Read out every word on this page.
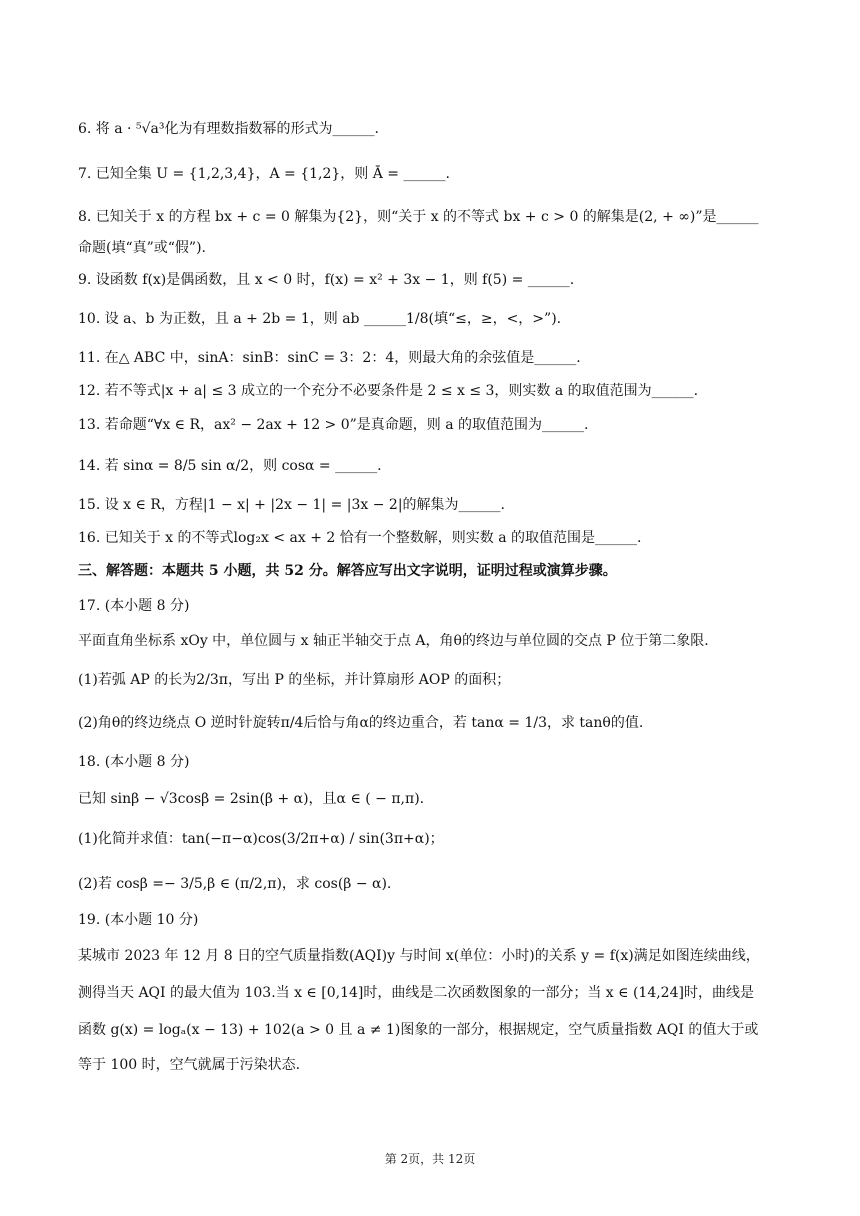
6. 将 a · ⁵√a³化为有理数指数幂的形式为______.
7. 已知全集 U = {1,2,3,4}，A = {1,2}，则 Ā = ______.
8. 已知关于 x 的方程 bx + c = 0 解集为{2}，则“关于 x 的不等式 bx + c > 0 的解集是(2, + ∞)”是______
命题(填“真”或“假”).
9. 设函数 f(x)是偶函数，且 x < 0 时，f(x) = x² + 3x − 1，则 f(5) = ______.
10. 设 a、b 为正数，且 a + 2b = 1，则 ab ______1/8(填“≤，≥，<，>”).
11. 在△ ABC 中，sinA：sinB：sinC = 3：2：4，则最大角的余弦值是______.
12. 若不等式|x + a| ≤ 3 成立的一个充分不必要条件是 2 ≤ x ≤ 3，则实数 a 的取值范围为______.
13. 若命题“∀x ∈ R，ax² − 2ax + 12 > 0”是真命题，则 a 的取值范围为______.
14. 若 sinα = 8/5 sin α/2，则 cosα = ______.
15. 设 x ∈ R，方程|1 − x| + |2x − 1| = |3x − 2|的解集为______.
16. 已知关于 x 的不等式log₂x < ax + 2 恰有一个整数解，则实数 a 的取值范围是______.
三、解答题：本题共 5 小题，共 52 分。解答应写出文字说明，证明过程或演算步骤。
17. (本小题 8 分)
平面直角坐标系 xOy 中，单位圆与 x 轴正半轴交于点 A，角θ的终边与单位圆的交点 P 位于第二象限.
(1)若弧 AP 的长为2/3π，写出 P 的坐标，并计算扇形 AOP 的面积；
(2)角θ的终边绕点 O 逆时针旋转π/4后恰与角α的终边重合，若 tanα = 1/3，求 tanθ的值.
18. (本小题 8 分)
已知 sinβ − √3cosβ = 2sin(β + α)，且α ∈ ( − π,π).
(1)化简并求值：tan(−π−α)cos(3/2π+α) / sin(3π+α)；
(2)若 cosβ =− 3/5,β ∈ (π/2,π)，求 cos(β − α).
19. (本小题 10 分)
某城市 2023 年 12 月 8 日的空气质量指数(AQI)y 与时间 x(单位：小时)的关系 y = f(x)满足如图连续曲线，
测得当天 AQI 的最大值为 103.当 x ∈ [0,14]时，曲线是二次函数图象的一部分；当 x ∈ (14,24]时，曲线是
函数 g(x) = logₐ(x − 13) + 102(a > 0 且 a ≠ 1)图象的一部分，根据规定，空气质量指数 AQI 的值大于或
等于 100 时，空气就属于污染状态.
第 2页，共 12页
